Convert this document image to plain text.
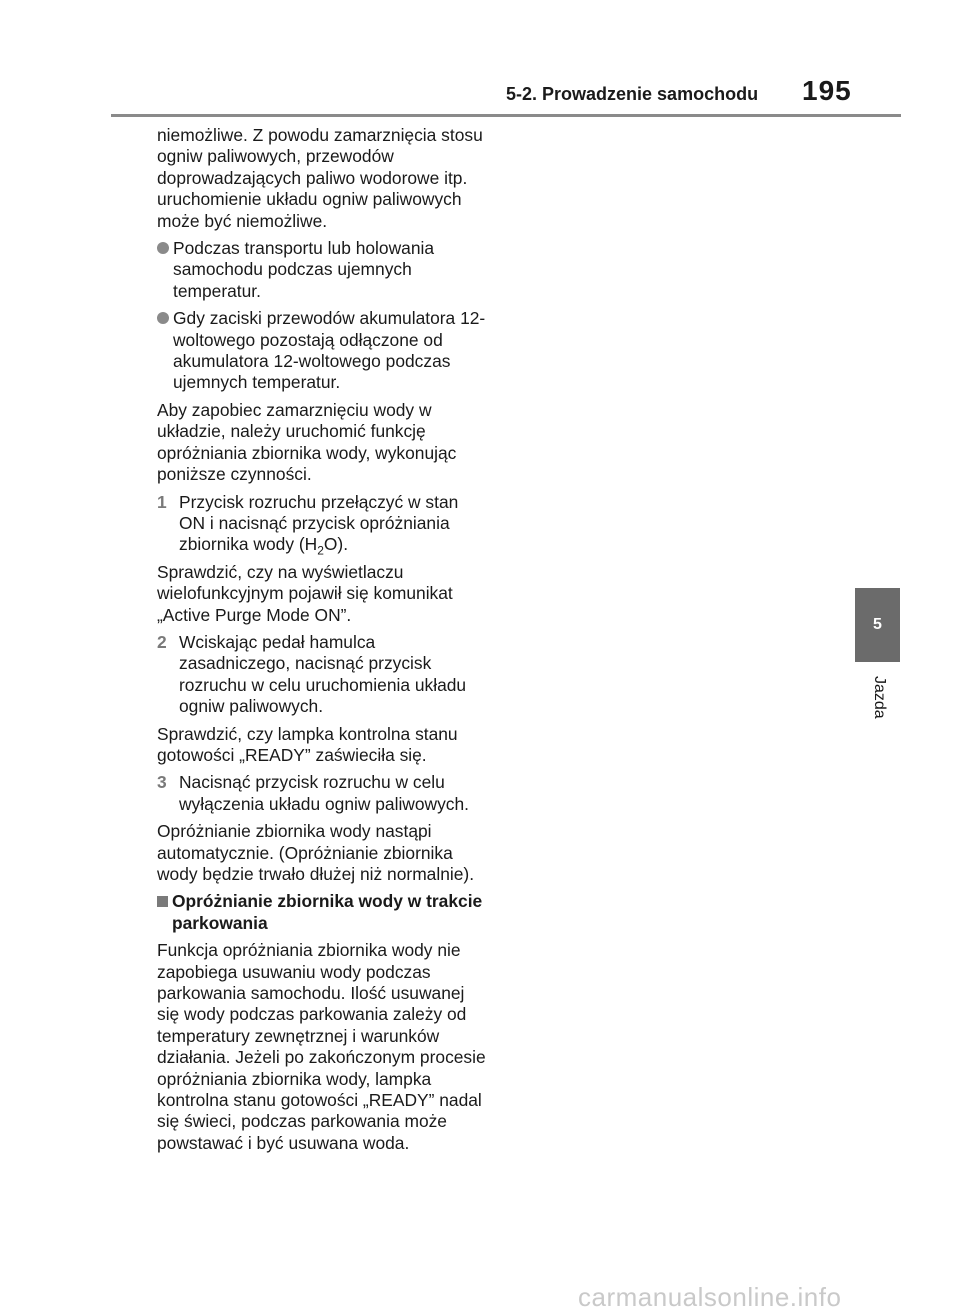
5-2. Prowadzenie samochodu 195
5
Jazda

niemożliwe. Z powodu zamarznięcia stosu ogniw paliwowych, przewodów doprowadzających paliwo wodorowe itp. uruchomienie układu ogniw paliwowych może być niemożliwe.

Podczas transportu lub holowania samochodu podczas ujemnych temperatur.
Gdy zaciski przewodów akumulatora 12-woltowego pozostają odłączone od akumulatora 12-woltowego podczas ujemnych temperatur.

Aby zapobiec zamarznięciu wody w układzie, należy uruchomić funkcję opróżniania zbiornika wody, wykonując poniższe czynności.

1 Przycisk rozruchu przełączyć w stan ON i nacisnąć przycisk opróżniania zbiornika wody $(H_2O)$.

Sprawdzić, czy na wyświetlaczu wielofunkcyjnym pojawił się komunikat „Active Purge Mode ON”.

2 Wciskając pedał hamulca zasadniczego, nacisnąć przycisk rozruchu w celu uruchomienia układu ogniw paliwowych.

Sprawdzić, czy lampka kontrolna stanu gotowości „READY” zaświeciła się.

3 Nacisnąć przycisk rozruchu w celu wyłączenia układu ogniw paliwowych.

Opróżnianie zbiornika wody nastąpi automatycznie. (Opróżnianie zbiornika wody będzie trwało dłużej niż normalnie).

Opróżnianie zbiornika wody w trakcie parkowania

Funkcja opróżniania zbiornika wody nie zapobiega usuwaniu wody podczas parkowania samochodu. Ilość usuwanej się wody podczas parkowania zależy od temperatury zewnętrznej i warunków działania. Jeżeli po zakończonym procesie opróżniania zbiornika wody, lampka kontrolna stanu gotowości „READY” nadal się świeci, podczas parkowania może powstawać i być usuwana woda.

carmanualsonline.info
